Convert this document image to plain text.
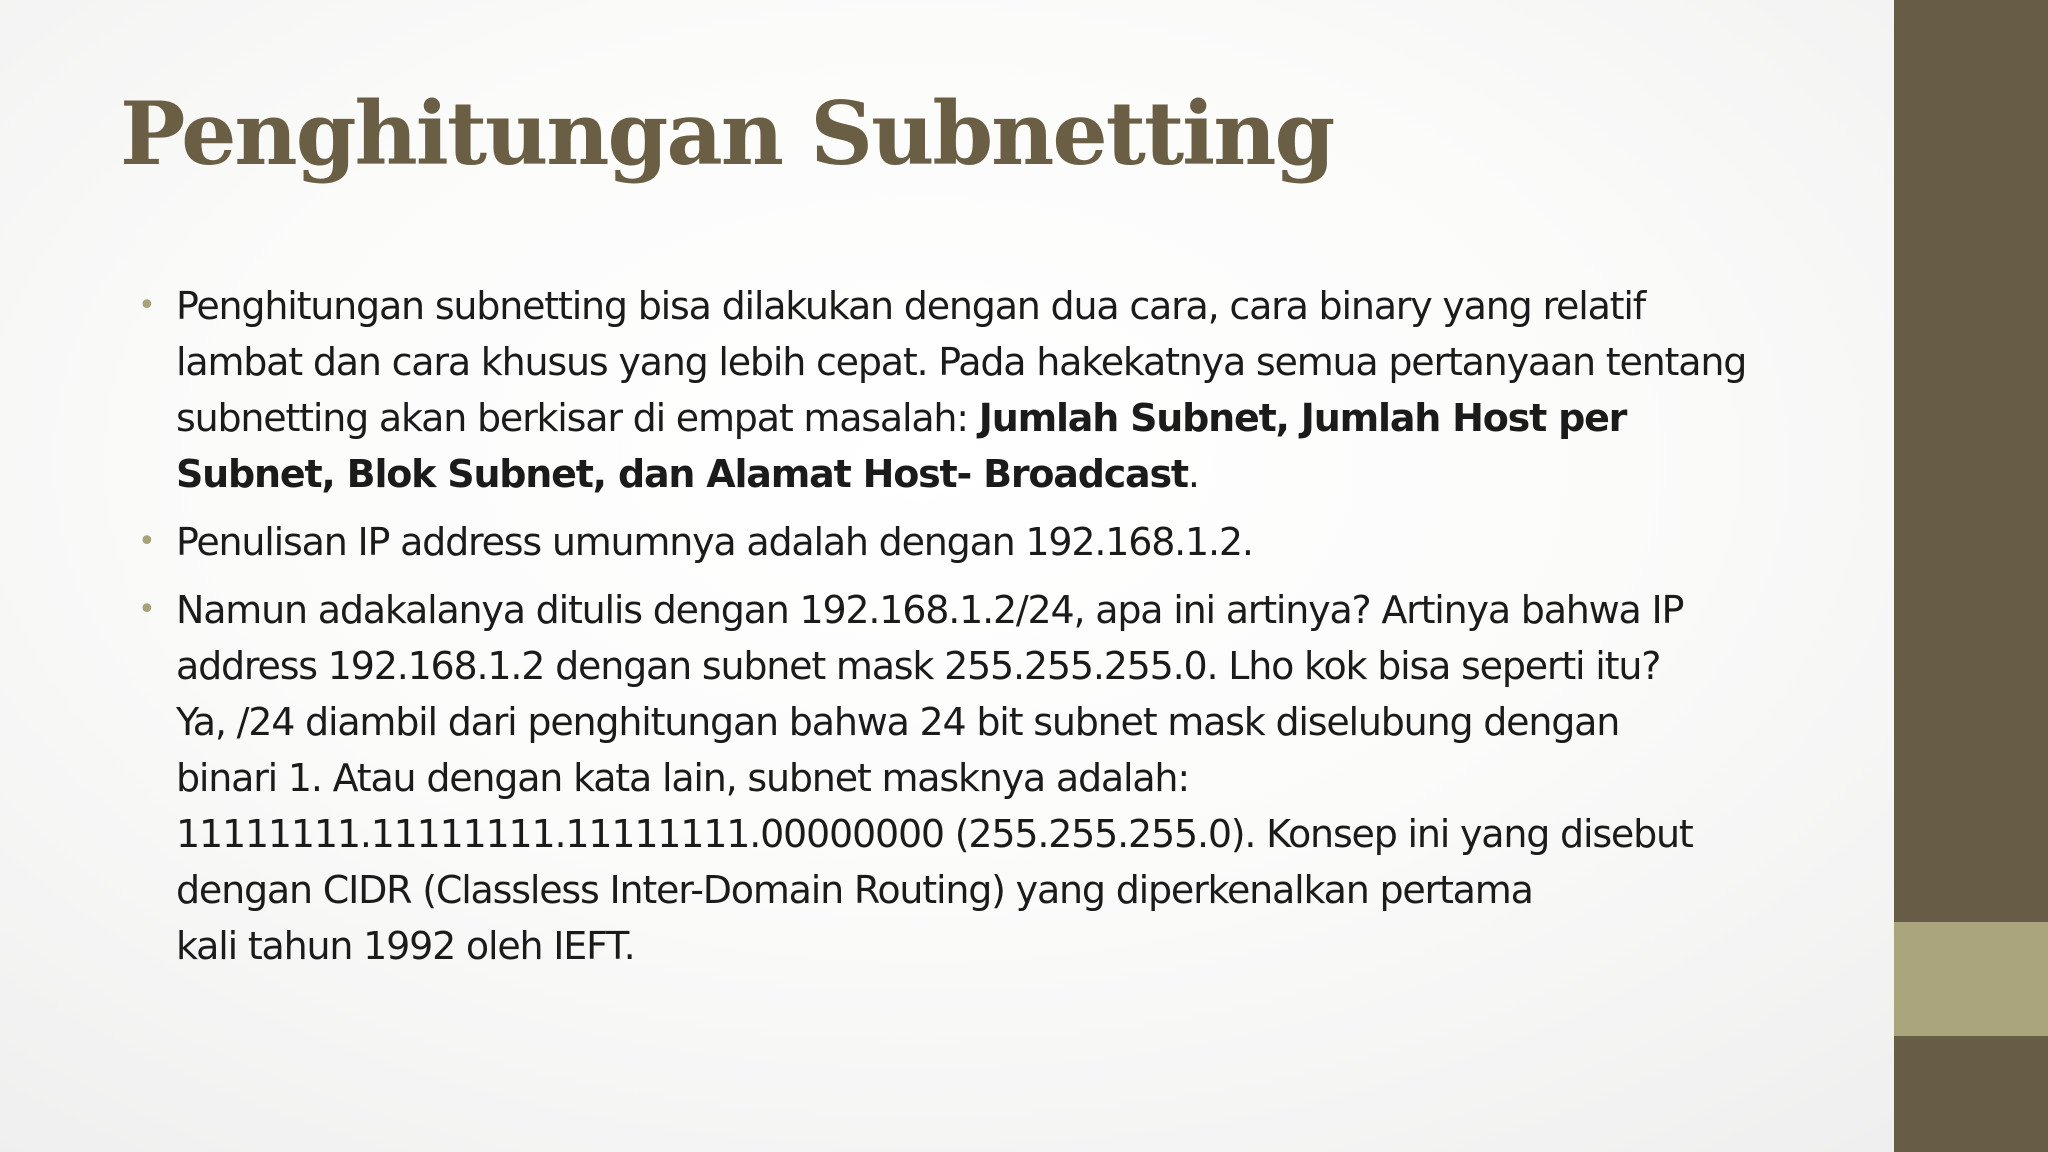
Penghitungan Subnetting
• Penghitungan subnetting bisa dilakukan dengan dua cara, cara binary yang relatif lambat dan cara khusus yang lebih cepat. Pada hakekatnya semua pertanyaan tentang subnetting akan berkisar di empat masalah: Jumlah Subnet, Jumlah Host per Subnet, Blok Subnet, dan Alamat Host- Broadcast.
• Penulisan IP address umumnya adalah dengan 192.168.1.2.
• Namun adakalanya ditulis dengan 192.168.1.2/24, apa ini artinya? Artinya bahwa IP
address 192.168.1.2 dengan subnet mask 255.255.255.0. Lho kok bisa seperti itu?
Ya, /24 diambil dari penghitungan bahwa 24 bit subnet mask diselubung dengan
binari 1. Atau dengan kata lain, subnet masknya adalah:
11111111.11111111.11111111.00000000 (255.255.255.0). Konsep ini yang disebut
dengan CIDR (Classless Inter-Domain Routing) yang diperkenalkan pertama
kali tahun 1992 oleh IEFT.
